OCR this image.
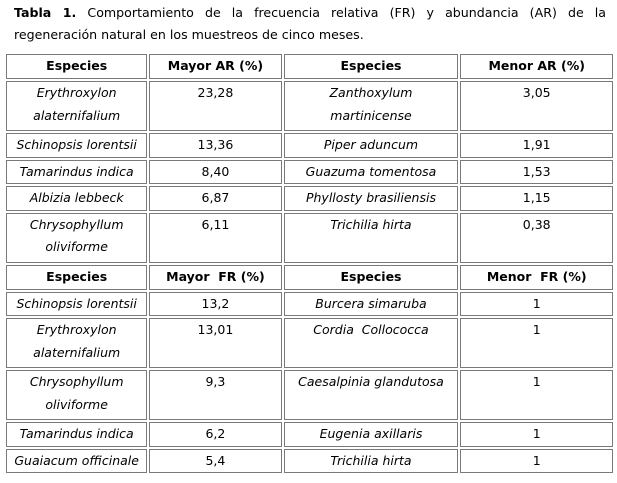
Tabla 1. Comportamiento de la frecuencia relativa (FR) y abundancia (AR) de la regeneración natural en los muestreos de cinco meses.
Especies	Mayor AR (%)	Especies	Menor AR (%)
Erythroxylon alaternifalium	23,28	Zanthoxylum martinicense	3,05
Schinopsis lorentsii	13,36	Piper aduncum	1,91
Tamarindus indica	8,40	Guazuma tomentosa	1,53
Albizia lebbeck	6,87	Phyllosty brasiliensis	1,15
Chrysophyllum oliviforme	6,11	Trichilia hirta	0,38
Especies	Mayor  FR (%)	Especies	Menor  FR (%)
Schinopsis lorentsii	13,2	Burcera simaruba	1
Erythroxylon alaternifalium	13,01	Cordia  Collococca	1
Chrysophyllum oliviforme	9,3	Caesalpinia glandutosa	1
Tamarindus indica	6,2	Eugenia axillaris	1
Guaiacum officinale	5,4	Trichilia hirta	1
